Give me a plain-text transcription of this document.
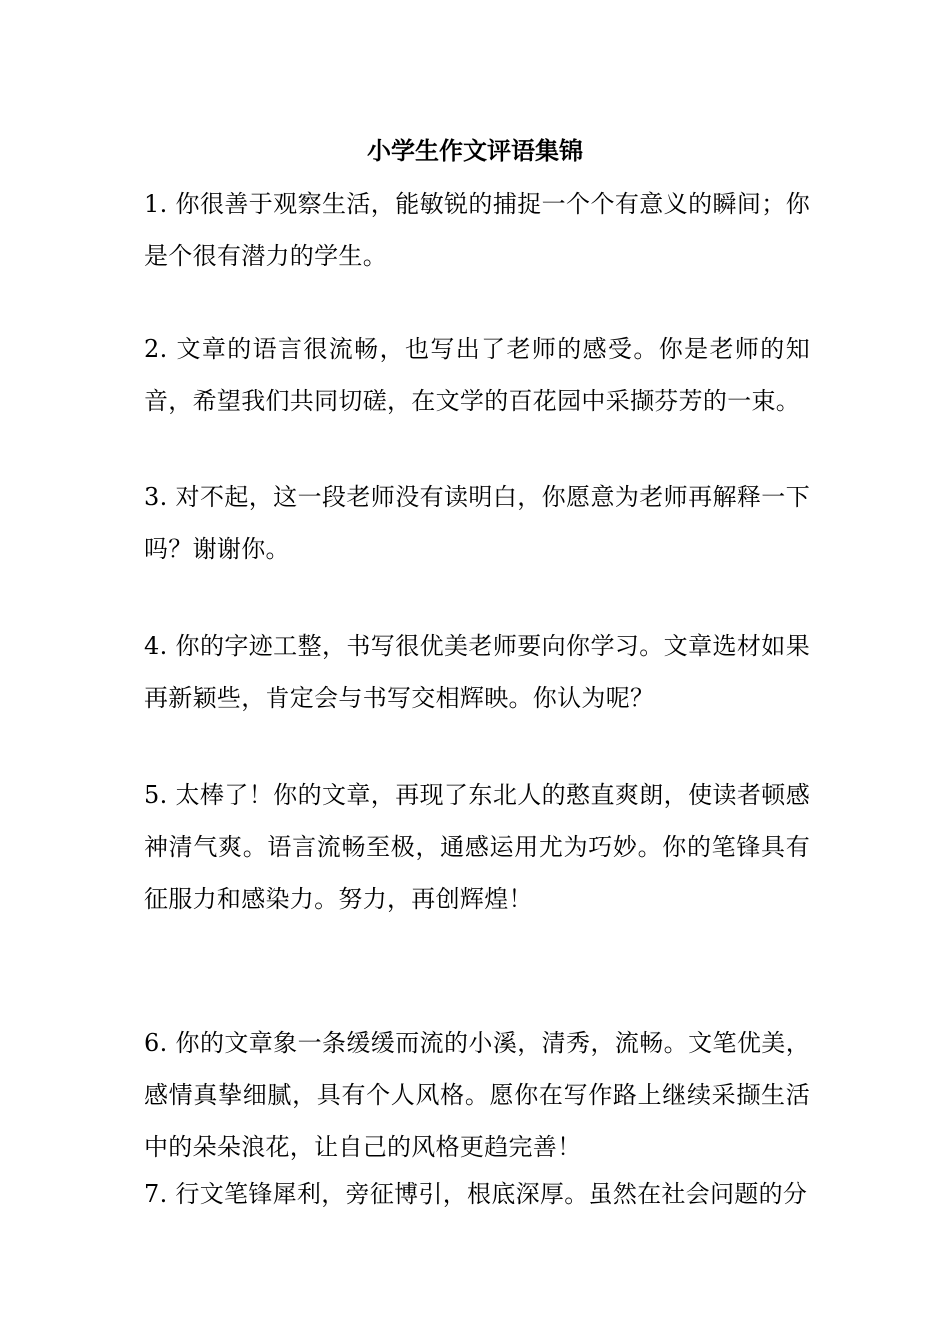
小学生作文评语集锦

1. 你很善于观察生活，能敏锐的捕捉一个个有意义的瞬间；你是个很有潜力的学生。

2. 文章的语言很流畅，也写出了老师的感受。你是老师的知音，希望我们共同切磋，在文学的百花园中采撷芬芳的一束。

3. 对不起，这一段老师没有读明白，你愿意为老师再解释一下吗？谢谢你。

4. 你的字迹工整，书写很优美老师要向你学习。文章选材如果再新颖些，肯定会与书写交相辉映。你认为呢？

5. 太棒了！你的文章，再现了东北人的憨直爽朗，使读者顿感神清气爽。语言流畅至极，通感运用尤为巧妙。你的笔锋具有征服力和感染力。努力，再创辉煌！

6. 你的文章象一条缓缓而流的小溪，清秀，流畅。文笔优美，感情真挚细腻，具有个人风格。愿你在写作路上继续采撷生活中的朵朵浪花，让自己的风格更趋完善！

7. 行文笔锋犀利，旁征博引，根底深厚。虽然在社会问题的分
